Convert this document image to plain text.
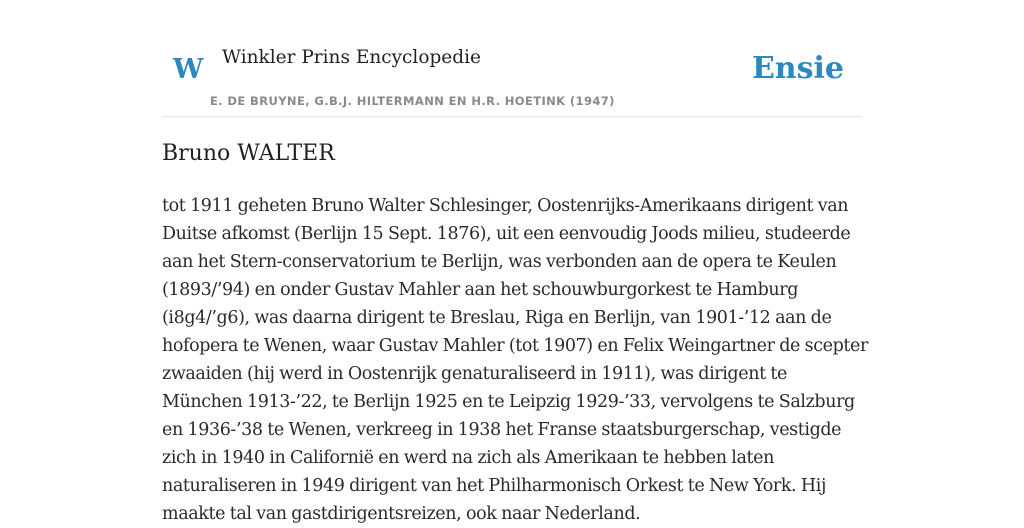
W Winkler Prins Encyclopedie
E. DE BRUYNE, G.B.J. HILTERMANN EN H.R. HOETINK (1947)
Ensie
Bruno WALTER

tot 1911 geheten Bruno Walter Schlesinger, Oostenrijks-Amerikaans dirigent van
Duitse afkomst (Berlijn 15 Sept. 1876), uit een eenvoudig Joods milieu, studeerde
aan het Stern-conservatorium te Berlijn, was verbonden aan de opera te Keulen
(1893/’94) en onder Gustav Mahler aan het schouwburgorkest te Hamburg
(i8g4/’g6), was daarna dirigent te Breslau, Riga en Berlijn, van 1901-’12 aan de
hofopera te Wenen, waar Gustav Mahler (tot 1907) en Felix Weingartner de scepter
zwaaiden (hij werd in Oostenrijk genaturaliseerd in 1911), was dirigent te
München 1913-’22, te Berlijn 1925 en te Leipzig 1929-’33, vervolgens te Salzburg
en 1936-’38 te Wenen, verkreeg in 1938 het Franse staatsburgerschap, vestigde
zich in 1940 in Californië en werd na zich als Amerikaan te hebben laten
naturaliseren in 1949 dirigent van het Philharmonisch Orkest te New York. Hij
maakte tal van gastdirigentsreizen, ook naar Nederland.
